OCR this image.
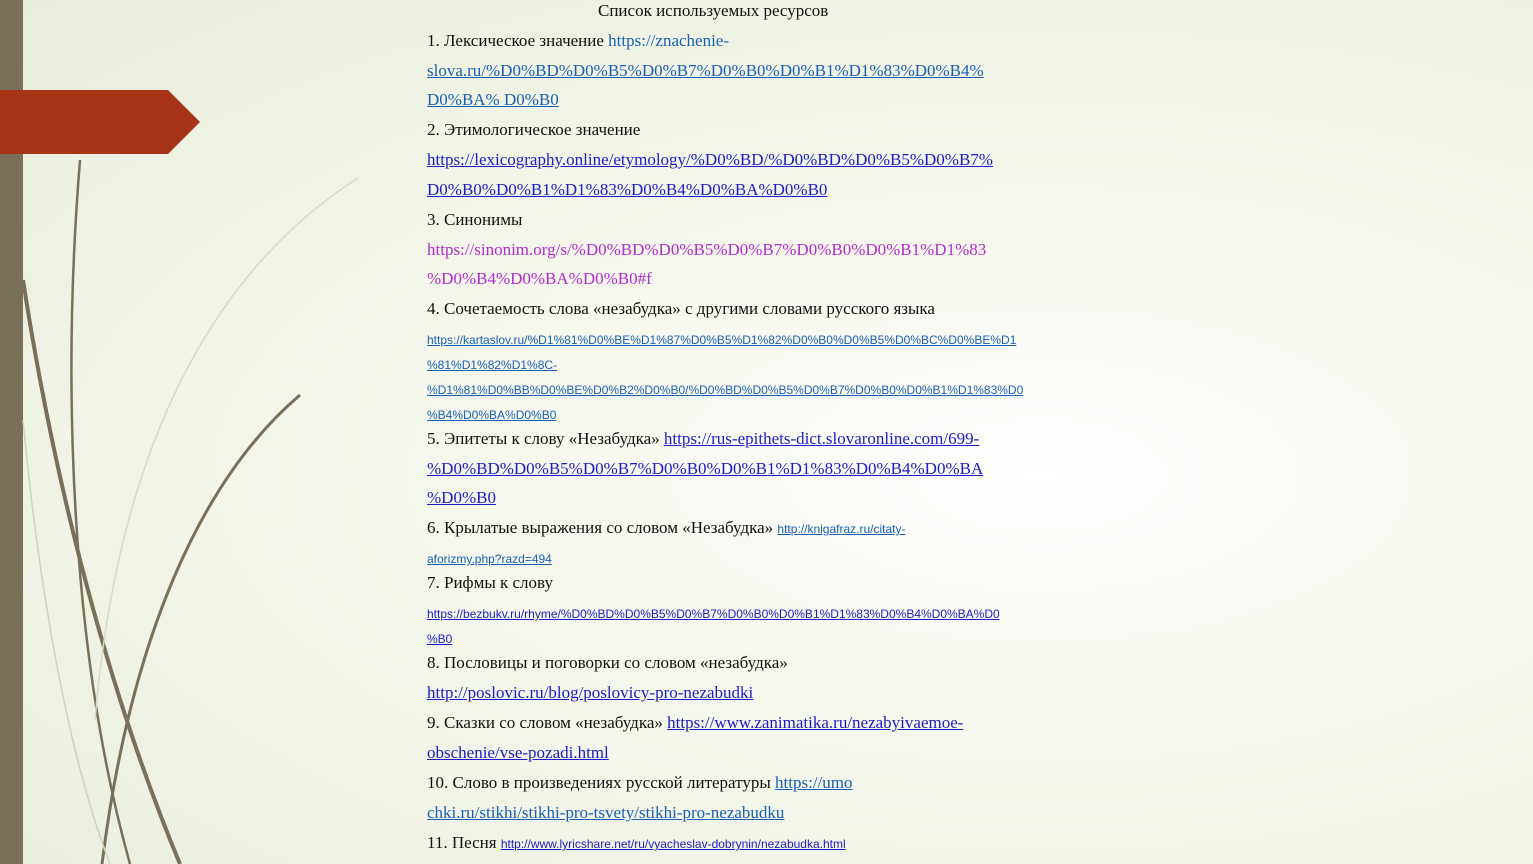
Список используемых ресурсов
1. Лексическое значение https://znachenie-
slova.ru/%D0%BD%D0%B5%D0%B7%D0%B0%D0%B1%D1%83%D0%B4%
D0%BA% D0%B0
2. Этимологическое значение
https://lexicography.online/etymology/%D0%BD/%D0%BD%D0%B5%D0%B7%
D0%B0%D0%B1%D1%83%D0%B4%D0%BA%D0%B0
3. Синонимы
https://sinonim.org/s/%D0%BD%D0%B5%D0%B7%D0%B0%D0%B1%D1%83
%D0%B4%D0%BA%D0%B0#f
4. Сочетаемость слова «незабудка» с другими словами русского языка
https://kartaslov.ru/%D1%81%D0%BE%D1%87%D0%B5%D1%82%D0%B0%D0%B5%D0%BC%D0%BE%D1
%81%D1%82%D1%8C-
%D1%81%D0%BB%D0%BE%D0%B2%D0%B0/%D0%BD%D0%B5%D0%B7%D0%B0%D0%B1%D1%83%D0
%B4%D0%BA%D0%B0
5. Эпитеты к слову «Незабудка» https://rus-epithets-dict.slovaronline.com/699-
%D0%BD%D0%B5%D0%B7%D0%B0%D0%B1%D1%83%D0%B4%D0%BA
%D0%B0
6. Крылатые выражения со словом «Незабудка» http://knigafraz.ru/citaty-
aforizmy.php?razd=494
7. Рифмы к слову
https://bezbukv.ru/rhyme/%D0%BD%D0%B5%D0%B7%D0%B0%D0%B1%D1%83%D0%B4%D0%BA%D0
%B0
8. Пословицы и поговорки со словом «незабудка»
http://poslovic.ru/blog/poslovicy-pro-nezabudki
9. Сказки со словом «незабудка» https://www.zanimatika.ru/nezabyivaemoe-
obschenie/vse-pozadi.html
10. Слово в произведениях русской литературы https://umo
chki.ru/stikhi/stikhi-pro-tsvety/stikhi-pro-nezabudku
11. Песня http://www.lyricshare.net/ru/vyacheslav-dobrynin/nezabudka.html
